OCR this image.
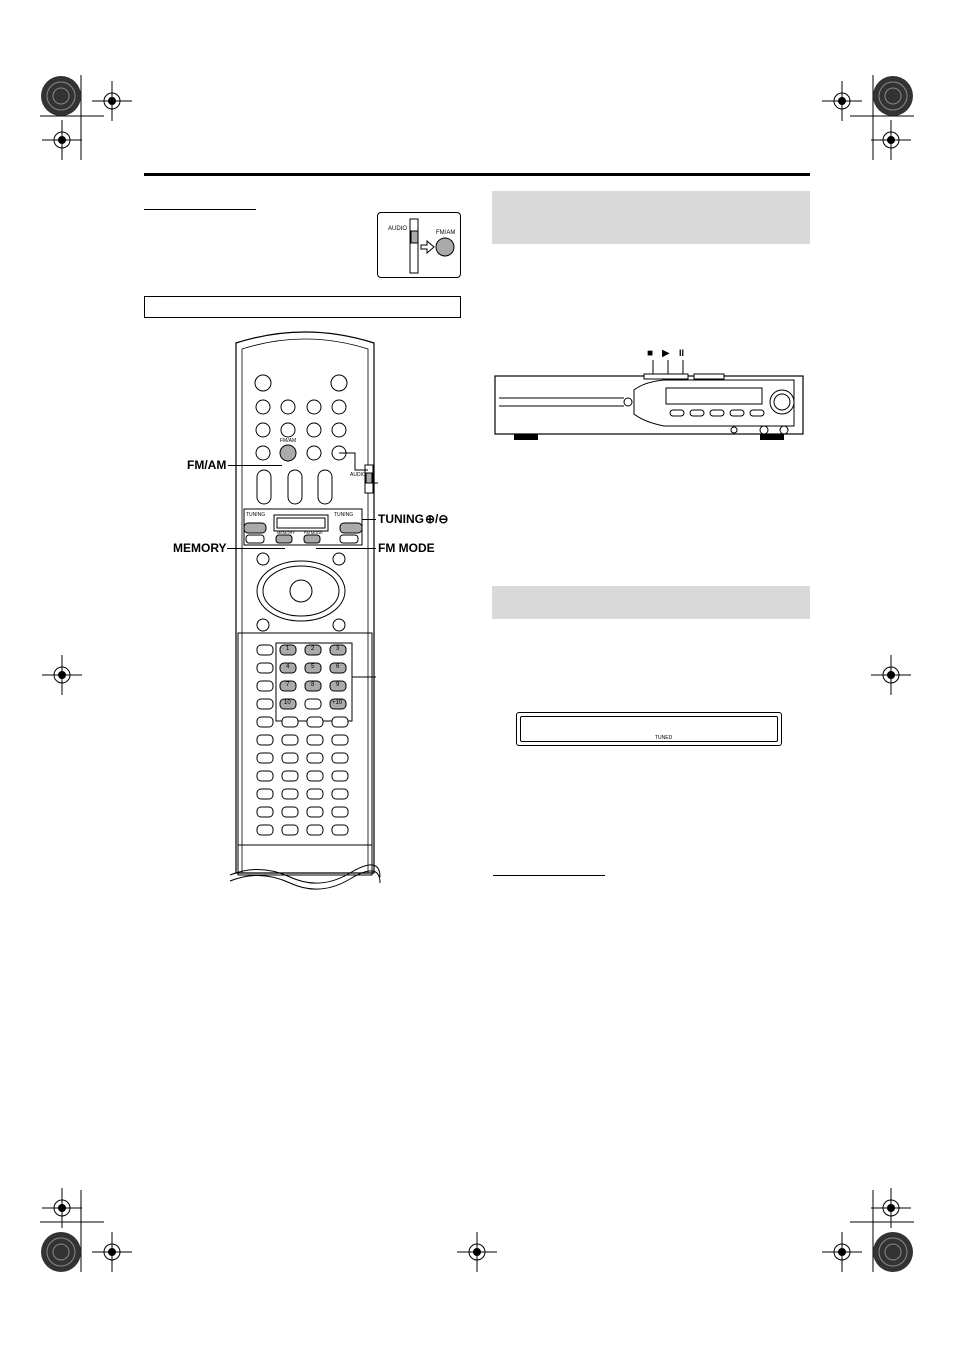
AUDIO
FM/AM
FM/AM
AUDIO
TUNING	TUNING
MEMORY FM MODE
1	2	3
4	5	6
7	8	9
10	+10
FM/AM
TUNING ⊕/⊖
MEMORY	FM MODE
■ ▶ II
TUNED
